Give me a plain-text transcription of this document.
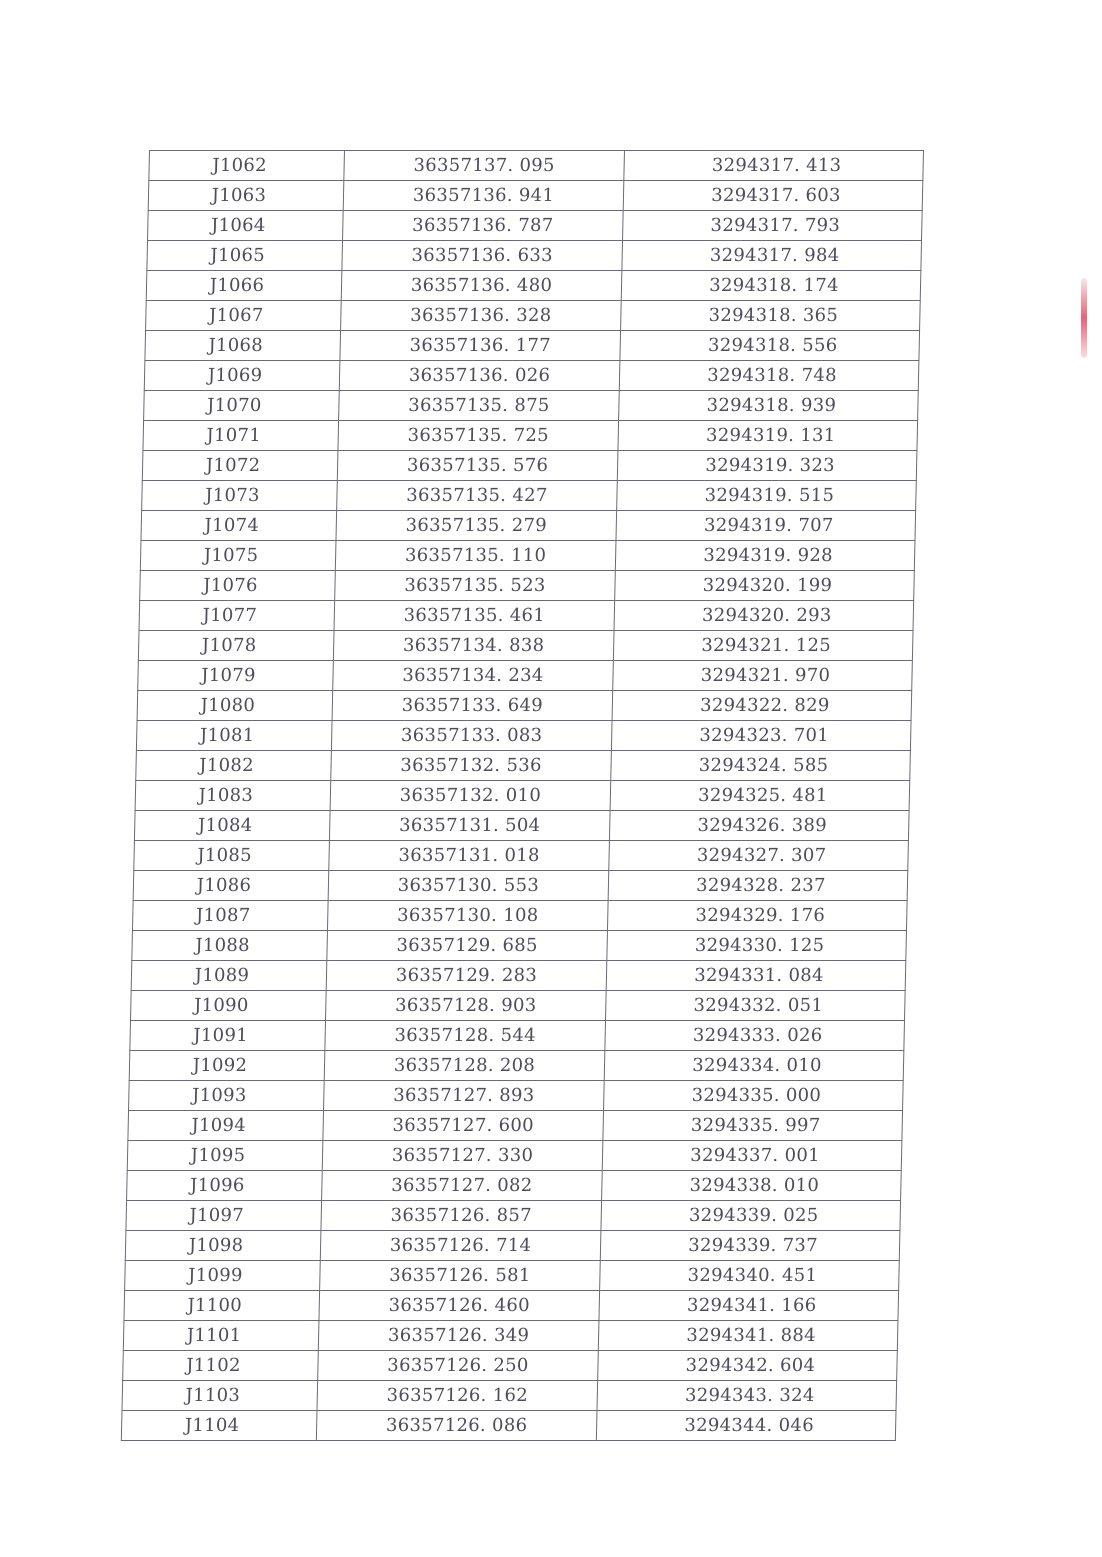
J1062	36357137. 095	3294317. 413
J1063	36357136. 941	3294317. 603
J1064	36357136. 787	3294317. 793
J1065	36357136. 633	3294317. 984
J1066	36357136. 480	3294318. 174
J1067	36357136. 328	3294318. 365
J1068	36357136. 177	3294318. 556
J1069	36357136. 026	3294318. 748
J1070	36357135. 875	3294318. 939
J1071	36357135. 725	3294319. 131
J1072	36357135. 576	3294319. 323
J1073	36357135. 427	3294319. 515
J1074	36357135. 279	3294319. 707
J1075	36357135. 110	3294319. 928
J1076	36357135. 523	3294320. 199
J1077	36357135. 461	3294320. 293
J1078	36357134. 838	3294321. 125
J1079	36357134. 234	3294321. 970
J1080	36357133. 649	3294322. 829
J1081	36357133. 083	3294323. 701
J1082	36357132. 536	3294324. 585
J1083	36357132. 010	3294325. 481
J1084	36357131. 504	3294326. 389
J1085	36357131. 018	3294327. 307
J1086	36357130. 553	3294328. 237
J1087	36357130. 108	3294329. 176
J1088	36357129. 685	3294330. 125
J1089	36357129. 283	3294331. 084
J1090	36357128. 903	3294332. 051
J1091	36357128. 544	3294333. 026
J1092	36357128. 208	3294334. 010
J1093	36357127. 893	3294335. 000
J1094	36357127. 600	3294335. 997
J1095	36357127. 330	3294337. 001
J1096	36357127. 082	3294338. 010
J1097	36357126. 857	3294339. 025
J1098	36357126. 714	3294339. 737
J1099	36357126. 581	3294340. 451
J1100	36357126. 460	3294341. 166
J1101	36357126. 349	3294341. 884
J1102	36357126. 250	3294342. 604
J1103	36357126. 162	3294343. 324
J1104	36357126. 086	3294344. 046
